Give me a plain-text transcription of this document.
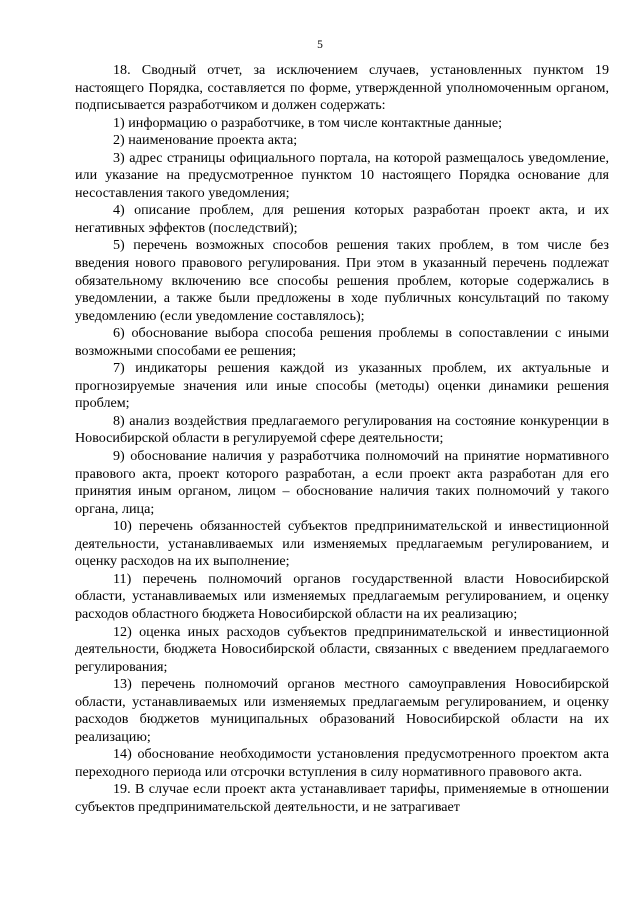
5

18. Сводный отчет, за исключением случаев, установленных пунктом 19 настоящего Порядка, составляется по форме, утвержденной уполномоченным органом, подписывается разработчиком и должен содержать:

1) информацию о разработчике, в том числе контактные данные;

2) наименование проекта акта;

3) адрес страницы официального портала, на которой размещалось уведомление, или указание на предусмотренное пунктом 10 настоящего Порядка основание для несоставления такого уведомления;

4) описание проблем, для решения которых разработан проект акта, и их негативных эффектов (последствий);

5) перечень возможных способов решения таких проблем, в том числе без введения нового правового регулирования. При этом в указанный перечень подлежат обязательному включению все способы решения проблем, которые содержались в уведомлении, а также были предложены в ходе публичных консультаций по такому уведомлению (если уведомление составлялось);

6) обоснование выбора способа решения проблемы в сопоставлении с иными возможными способами ее решения;

7) индикаторы решения каждой из указанных проблем, их актуальные и прогнозируемые значения или иные способы (методы) оценки динамики решения проблем;

8) анализ воздействия предлагаемого регулирования на состояние конкуренции в Новосибирской области в регулируемой сфере деятельности;

9) обоснование наличия у разработчика полномочий на принятие нормативного правового акта, проект которого разработан, а если проект акта разработан для его принятия иным органом, лицом – обоснование наличия таких полномочий у такого органа, лица;

10) перечень обязанностей субъектов предпринимательской и инвестиционной деятельности, устанавливаемых или изменяемых предлагаемым регулированием, и оценку расходов на их выполнение;

11) перечень полномочий органов государственной власти Новосибирской области, устанавливаемых или изменяемых предлагаемым регулированием, и оценку расходов областного бюджета Новосибирской области на их реализацию;

12) оценка иных расходов субъектов предпринимательской и инвестиционной деятельности, бюджета Новосибирской области, связанных с введением предлагаемого регулирования;

13) перечень полномочий органов местного самоуправления Новосибирской области, устанавливаемых или изменяемых предлагаемым регулированием, и оценку расходов бюджетов муниципальных образований Новосибирской области на их реализацию;

14) обоснование необходимости установления предусмотренного проектом акта переходного периода или отсрочки вступления в силу нормативного правового акта.

19. В случае если проект акта устанавливает тарифы, применяемые в отношении субъектов предпринимательской деятельности, и не затрагивает
